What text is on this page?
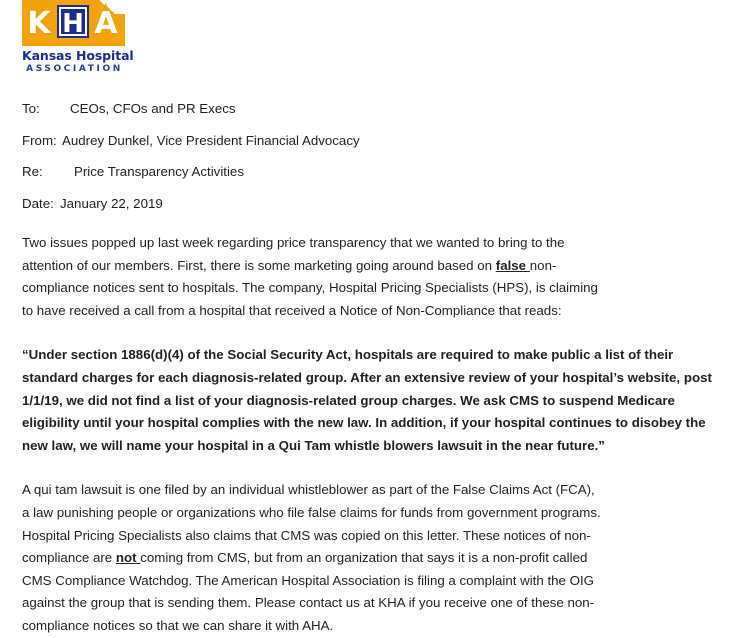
K H A
Kansas Hospital
ASSOCIATION
To: CEOs, CFOs and PR Execs
From: Audrey Dunkel, Vice President Financial Advocacy
Re: Price Transparency Activities
Date: January 22, 2019

Two issues popped up last week regarding price transparency that we wanted to bring to the attention of our members. First, there is some marketing going around based on false non-compliance notices sent to hospitals. The company, Hospital Pricing Specialists (HPS), is claiming to have received a call from a hospital that received a Notice of Non-Compliance that reads:

“Under section 1886(d)(4) of the Social Security Act, hospitals are required to make public a list of their standard charges for each diagnosis-related group. After an extensive review of your hospital’s website, post 1/1/19, we did not find a list of your diagnosis-related group charges. We ask CMS to suspend Medicare eligibility until your hospital complies with the new law. In addition, if your hospital continues to disobey the new law, we will name your hospital in a Qui Tam whistle blowers lawsuit in the near future.”

A qui tam lawsuit is one filed by an individual whistleblower as part of the False Claims Act (FCA), a law punishing people or organizations who file false claims for funds from government programs. Hospital Pricing Specialists also claims that CMS was copied on this letter. These notices of non-compliance are not coming from CMS, but from an organization that says it is a non-profit called CMS Compliance Watchdog. The American Hospital Association is filing a complaint with the OIG against the group that is sending them. Please contact us at KHA if you receive one of these non-compliance notices so that we can share it with AHA.
